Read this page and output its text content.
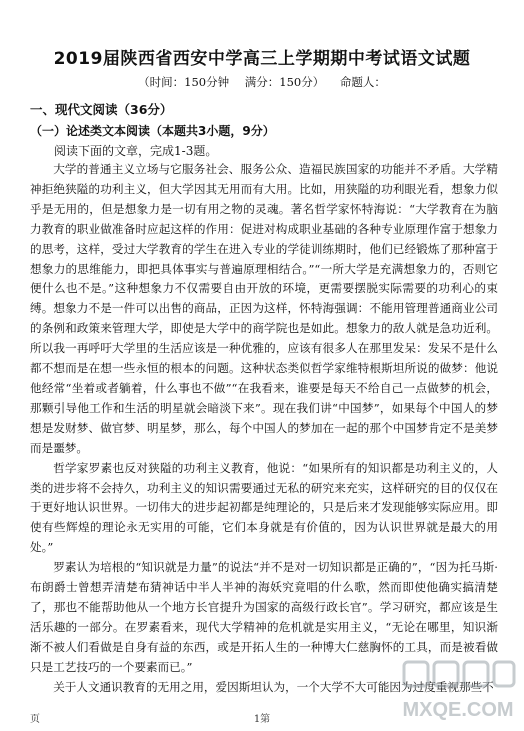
2019届陕西省西安中学高三上学期期中考试语文试题
（时间：150分钟 满分：150分） 命题人：
一、现代文阅读（36分）
（一）论述类文本阅读（本题共3小题，9分）
阅读下面的文章，完成1-3题。

大学的普通主义立场与它服务社会、服务公众、造福民族国家的功能并不矛盾。大学精神拒绝狭隘的功利主义，但大学因其无用而有大用。比如，用狭隘的功利眼光看，想象力似乎是无用的，但是想象力是一切有用之物的灵魂。著名哲学家怀特海说：“大学教育在为脑力教育的职业做准备时应起这样的作用：促进对构成职业基础的各种专业原理作富于想象力的思考，这样，受过大学教育的学生在进入专业的学徒训练期时，他们已经锻炼了那种富于想象力的思维能力，即把具体事实与普遍原理相结合。”“一所大学是充满想象力的，否则它便什么也不是。”这种想象力不仅需要自由开放的环境，更需要摆脱实际需要的功利心的束缚。想象力不是一件可以出售的商品，正因为这样，怀特海强调：不能用管理普通商业公司的条例和政策来管理大学，即使是大学中的商学院也是如此。想象力的敌人就是急功近利。所以我一再呼吁大学里的生活应该是一种优雅的，应该有很多人在那里发呆：发呆不是什么都不想而是在想一些永恒的根本的问题。这种状态类似哲学家维特根斯坦所说的做梦：他说他经常“坐着或者躺着，什么事也不做”“在我看来，谁要是每天不给自己一点做梦的机会，那颗引导他工作和生活的明星就会暗淡下来”。现在我们讲“中国梦”，如果每个中国人的梦想是发财梦、做官梦、明星梦，那么，每个中国人的梦加在一起的那个中国梦肯定不是美梦而是噩梦。

哲学家罗素也反对狭隘的功利主义教育，他说：“如果所有的知识都是功利主义的，人类的进步将不会持久，功利主义的知识需要通过无私的研究来充实，这样研究的目的仅仅在于更好地认识世界。一切伟大的进步起初都是纯理论的，只是后来才发现能够实际应用。即使有些辉煌的理论永无实用的可能，它们本身就是有价值的，因为认识世界就是最大的用处。”

罗素认为培根的“知识就是力量”的说法“并不是对一切知识都是正确的”，“因为托马斯·布朗爵士曾想弄清楚布猜神话中半人半神的海妖究竟唱的什么歌，然而即使他确实搞清楚了，那也不能帮助他从一个地方长官提升为国家的高级行政长官”。学习研究，都应该是生活乐趣的一部分。在罗素看来，现代大学精神的危机就是实用主义，“无论在哪里，知识渐渐不被人们看做是自身有益的东西，或是开拓人生的一种博大仁慈胸怀的工具，而是被看做只是工艺技巧的一个要素而已。”

关于人文通识教育的无用之用，爱因斯坦认为，一个大学不大可能因为过度重视那些不

MXQE.COM
页	1第
